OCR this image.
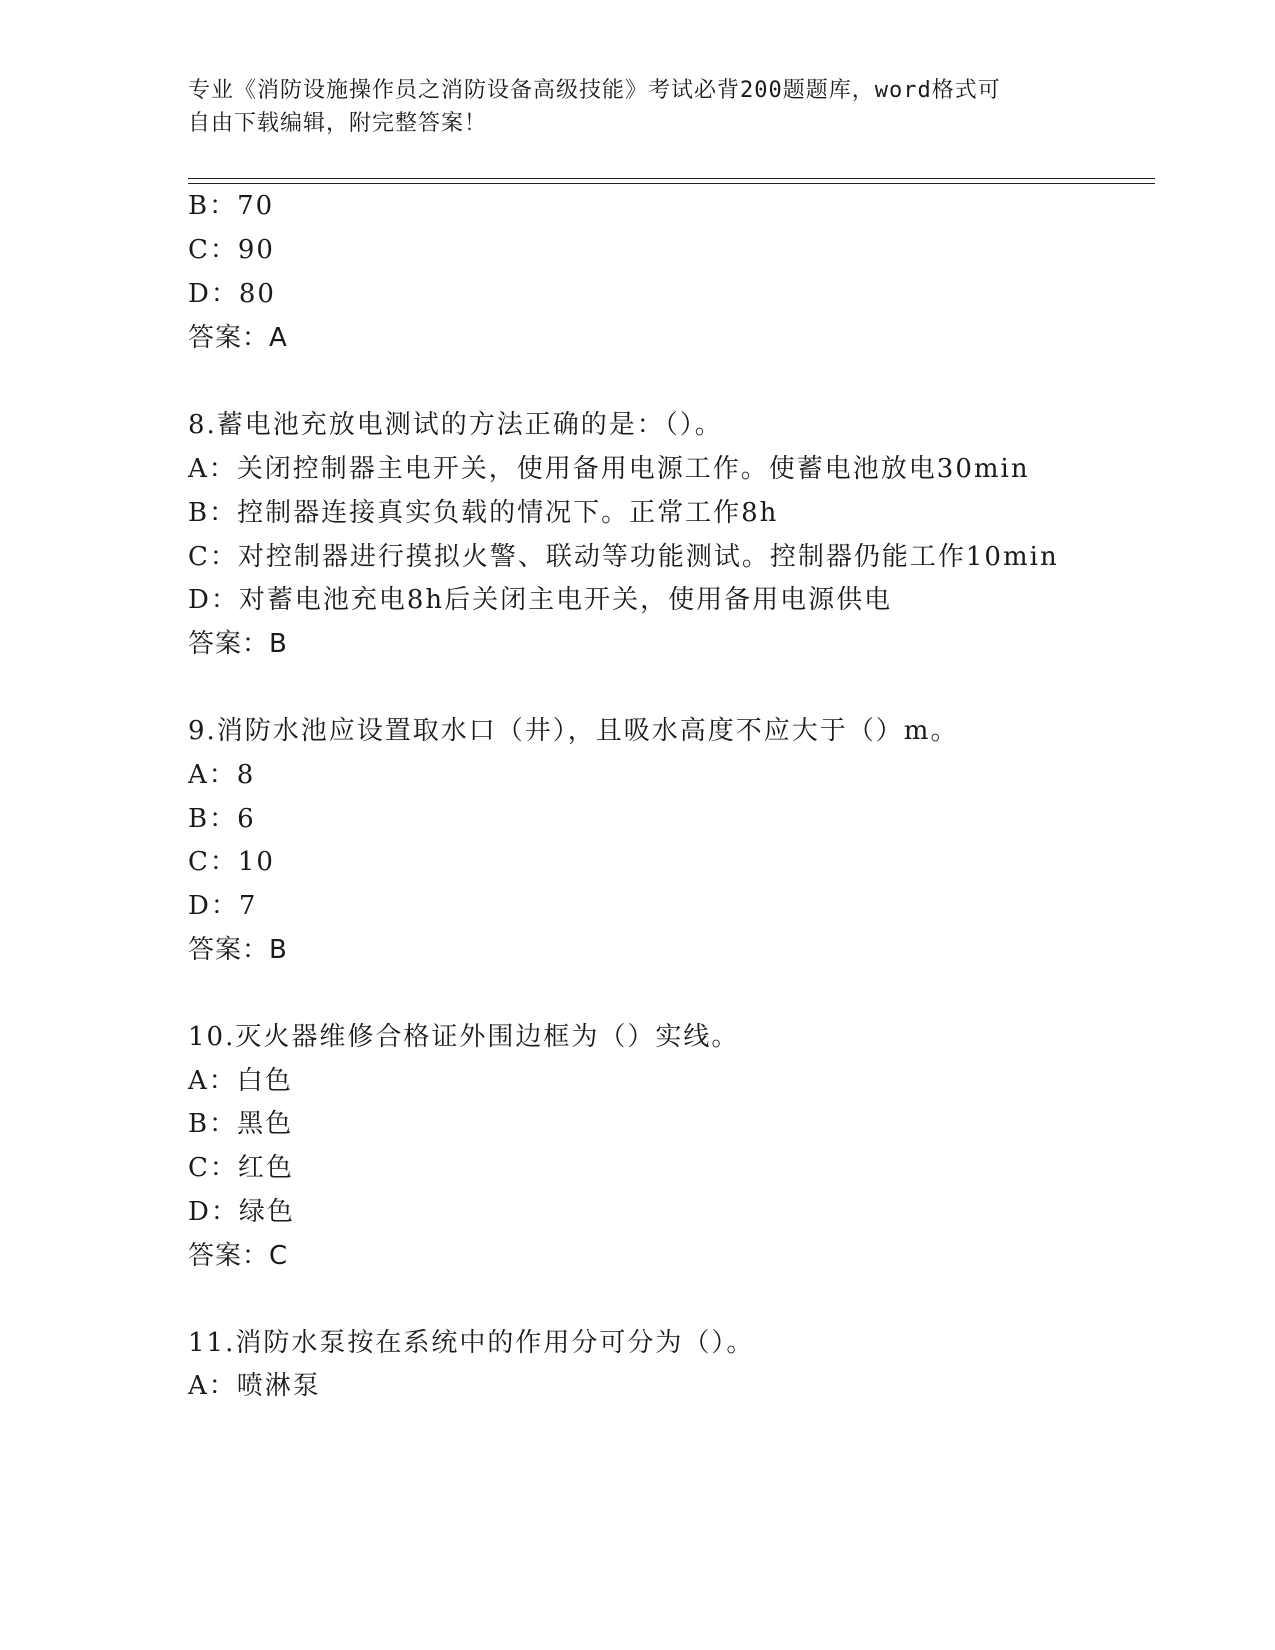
专业《消防设施操作员之消防设备高级技能》考试必背200题题库，word格式可
自由下载编辑，附完整答案！
B：70
C：90
D：80
答案：A
8.蓄电池充放电测试的方法正确的是：（）。
A：关闭控制器主电开关，使用备用电源工作。使蓄电池放电30min
B：控制器连接真实负载的情况下。正常工作8h
C：对控制器进行摸拟火警、联动等功能测试。控制器仍能工作10min
D：对蓄电池充电8h后关闭主电开关，使用备用电源供电
答案：B
9.消防水池应设置取水口（井），且吸水高度不应大于（）m。
A：8
B：6
C：10
D：7
答案：B
10.灭火器维修合格证外围边框为（）实线。
A：白色
B：黑色
C：红色
D：绿色
答案：C
11.消防水泵按在系统中的作用分可分为（）。
A：喷淋泵
